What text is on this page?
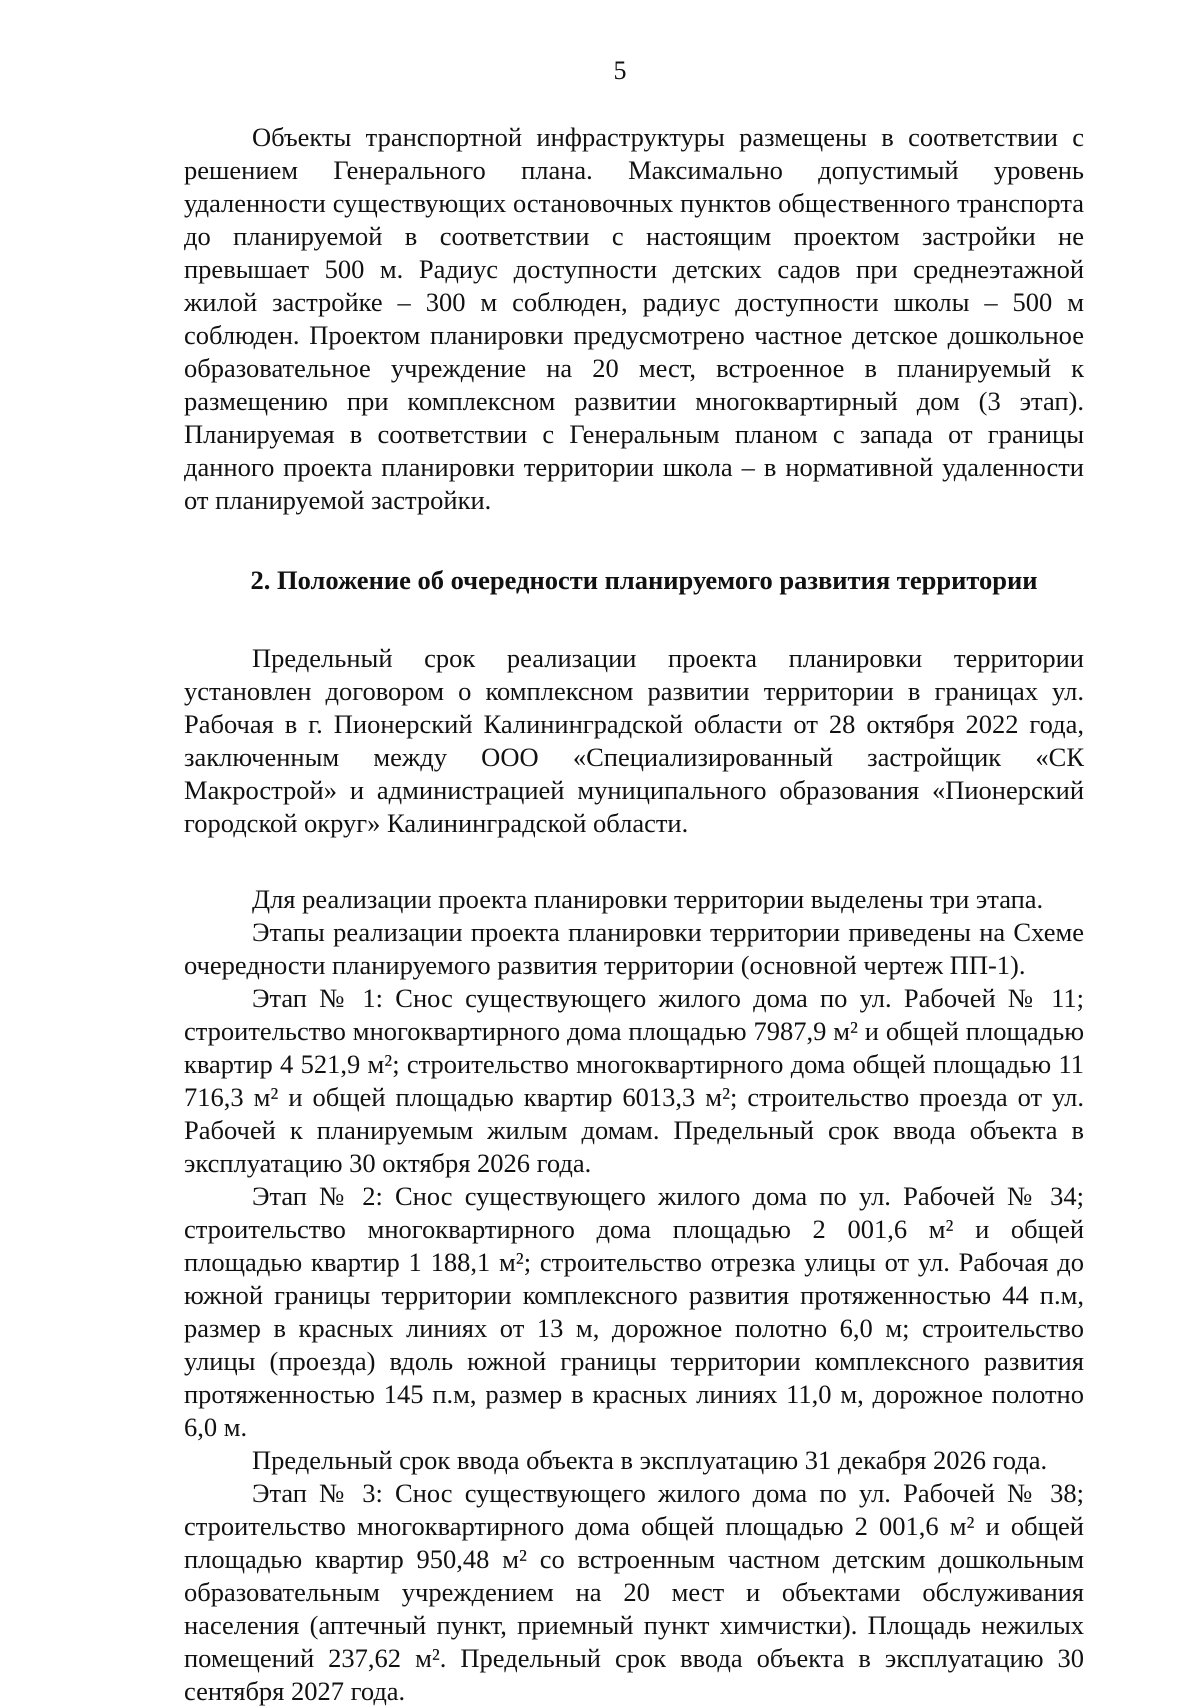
5

Объекты транспортной инфраструктуры размещены в соответствии с решением Генерального плана. Максимально допустимый уровень удаленности существующих остановочных пунктов общественного транспорта до планируемой в соответствии с настоящим проектом застройки не превышает 500 м. Радиус доступности детских садов при среднеэтажной жилой застройке – 300 м соблюден, радиус доступности школы – 500 м соблюден. Проектом планировки предусмотрено частное детское дошкольное образовательное учреждение на 20 мест, встроенное в планируемый к размещению при комплексном развитии многоквартирный дом (3 этап). Планируемая в соответствии с Генеральным планом с запада от границы данного проекта планировки территории школа – в нормативной удаленности от планируемой застройки.

2. Положение об очередности планируемого развития территории

Предельный срок реализации проекта планировки территории установлен договором о комплексном развитии территории в границах ул. Рабочая в г. Пионерский Калининградской области от 28 октября 2022 года, заключенным между ООО «Специализированный застройщик «СК Макрострой» и администрацией муниципального образования «Пионерский городской округ» Калининградской области.

Для реализации проекта планировки территории выделены три этапа.

Этапы реализации проекта планировки территории приведены на Схеме очередности планируемого развития территории (основной чертеж ПП-1).

Этап № 1: Снос существующего жилого дома по ул. Рабочей № 11; строительство многоквартирного дома площадью 7987,9 м² и общей площадью квартир 4 521,9 м²; строительство многоквартирного дома общей площадью 11 716,3 м² и общей площадью квартир 6013,3 м²; строительство проезда от ул. Рабочей к планируемым жилым домам. Предельный срок ввода объекта в эксплуатацию 30 октября 2026 года.

Этап № 2: Снос существующего жилого дома по ул. Рабочей № 34; строительство многоквартирного дома площадью 2 001,6 м² и общей площадью квартир 1 188,1 м²; строительство отрезка улицы от ул. Рабочая до южной границы территории комплексного развития протяженностью 44 п.м, размер в красных линиях от 13 м, дорожное полотно 6,0 м; строительство улицы (проезда) вдоль южной границы территории комплексного развития протяженностью 145 п.м, размер в красных линиях 11,0 м, дорожное полотно 6,0 м.

Предельный срок ввода объекта в эксплуатацию 31 декабря 2026 года.

Этап № 3: Снос существующего жилого дома по ул. Рабочей № 38; строительство многоквартирного дома общей площадью 2 001,6 м² и общей площадью квартир 950,48 м² со встроенным частном детским дошкольным образовательным учреждением на 20 мест и объектами обслуживания населения (аптечный пункт, приемный пункт химчистки). Площадь нежилых помещений 237,62 м². Предельный срок ввода объекта в эксплуатацию 30 сентября 2027 года.
